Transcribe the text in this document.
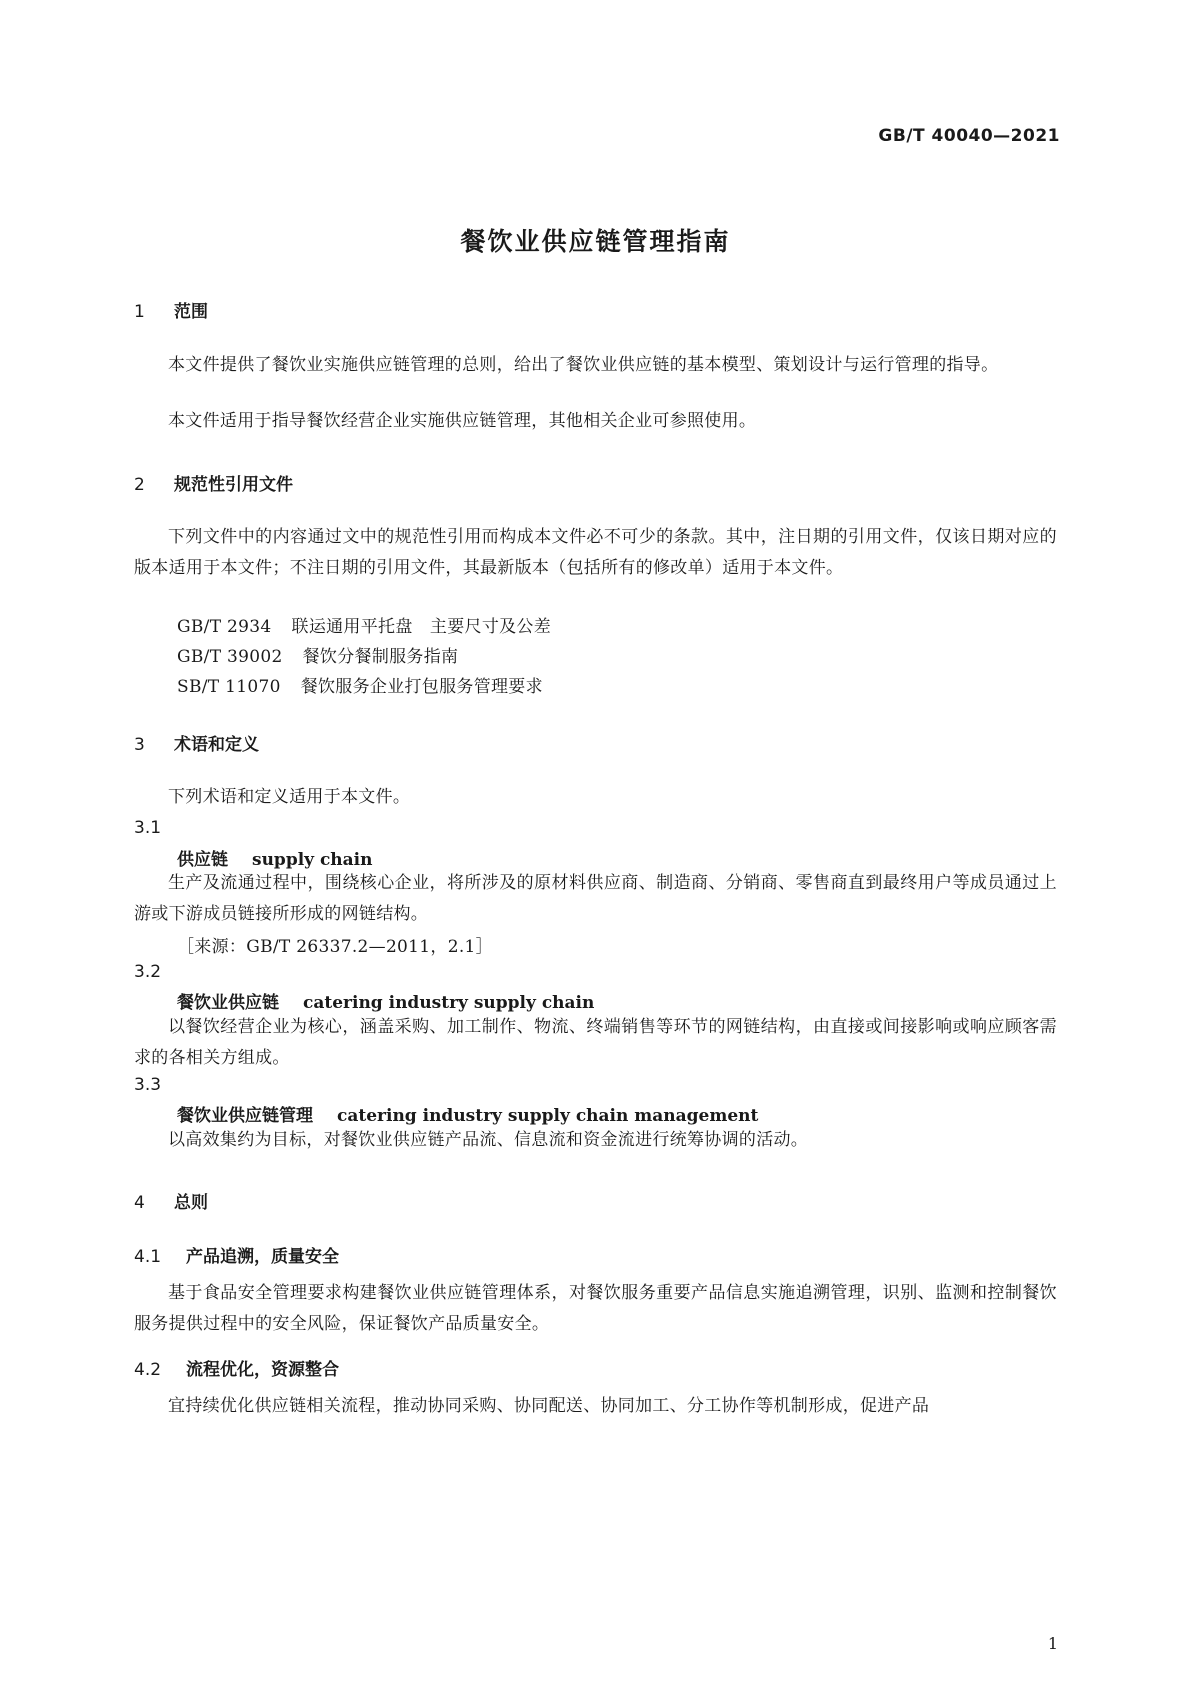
GB/T 40040—2021
餐饮业供应链管理指南
1 范围
本文件提供了餐饮业实施供应链管理的总则，给出了餐饮业供应链的基本模型、策划设计与运行管理的指导。
本文件适用于指导餐饮经营企业实施供应链管理，其他相关企业可参照使用。
2 规范性引用文件
下列文件中的内容通过文中的规范性引用而构成本文件必不可少的条款。其中，注日期的引用文件，仅该日期对应的版本适用于本文件；不注日期的引用文件，其最新版本（包括所有的修改单）适用于本文件。
GB/T 2934 联运通用平托盘　主要尺寸及公差
GB/T 39002 餐饮分餐制服务指南
SB/T 11070 餐饮服务企业打包服务管理要求
3 术语和定义
下列术语和定义适用于本文件。
3.1
供应链 supply chain
生产及流通过程中，围绕核心企业，将所涉及的原材料供应商、制造商、分销商、零售商直到最终用户等成员通过上游或下游成员链接所形成的网链结构。
［来源：GB/T 26337.2—2011，2.1］
3.2
餐饮业供应链 catering industry supply chain
以餐饮经营企业为核心，涵盖采购、加工制作、物流、终端销售等环节的网链结构，由直接或间接影响或响应顾客需求的各相关方组成。
3.3
餐饮业供应链管理 catering industry supply chain management
以高效集约为目标，对餐饮业供应链产品流、信息流和资金流进行统筹协调的活动。
4 总则
4.1 产品追溯，质量安全
基于食品安全管理要求构建餐饮业供应链管理体系，对餐饮服务重要产品信息实施追溯管理，识别、监测和控制餐饮服务提供过程中的安全风险，保证餐饮产品质量安全。
4.2 流程优化，资源整合
宜持续优化供应链相关流程，推动协同采购、协同配送、协同加工、分工协作等机制形成，促进产品
1
